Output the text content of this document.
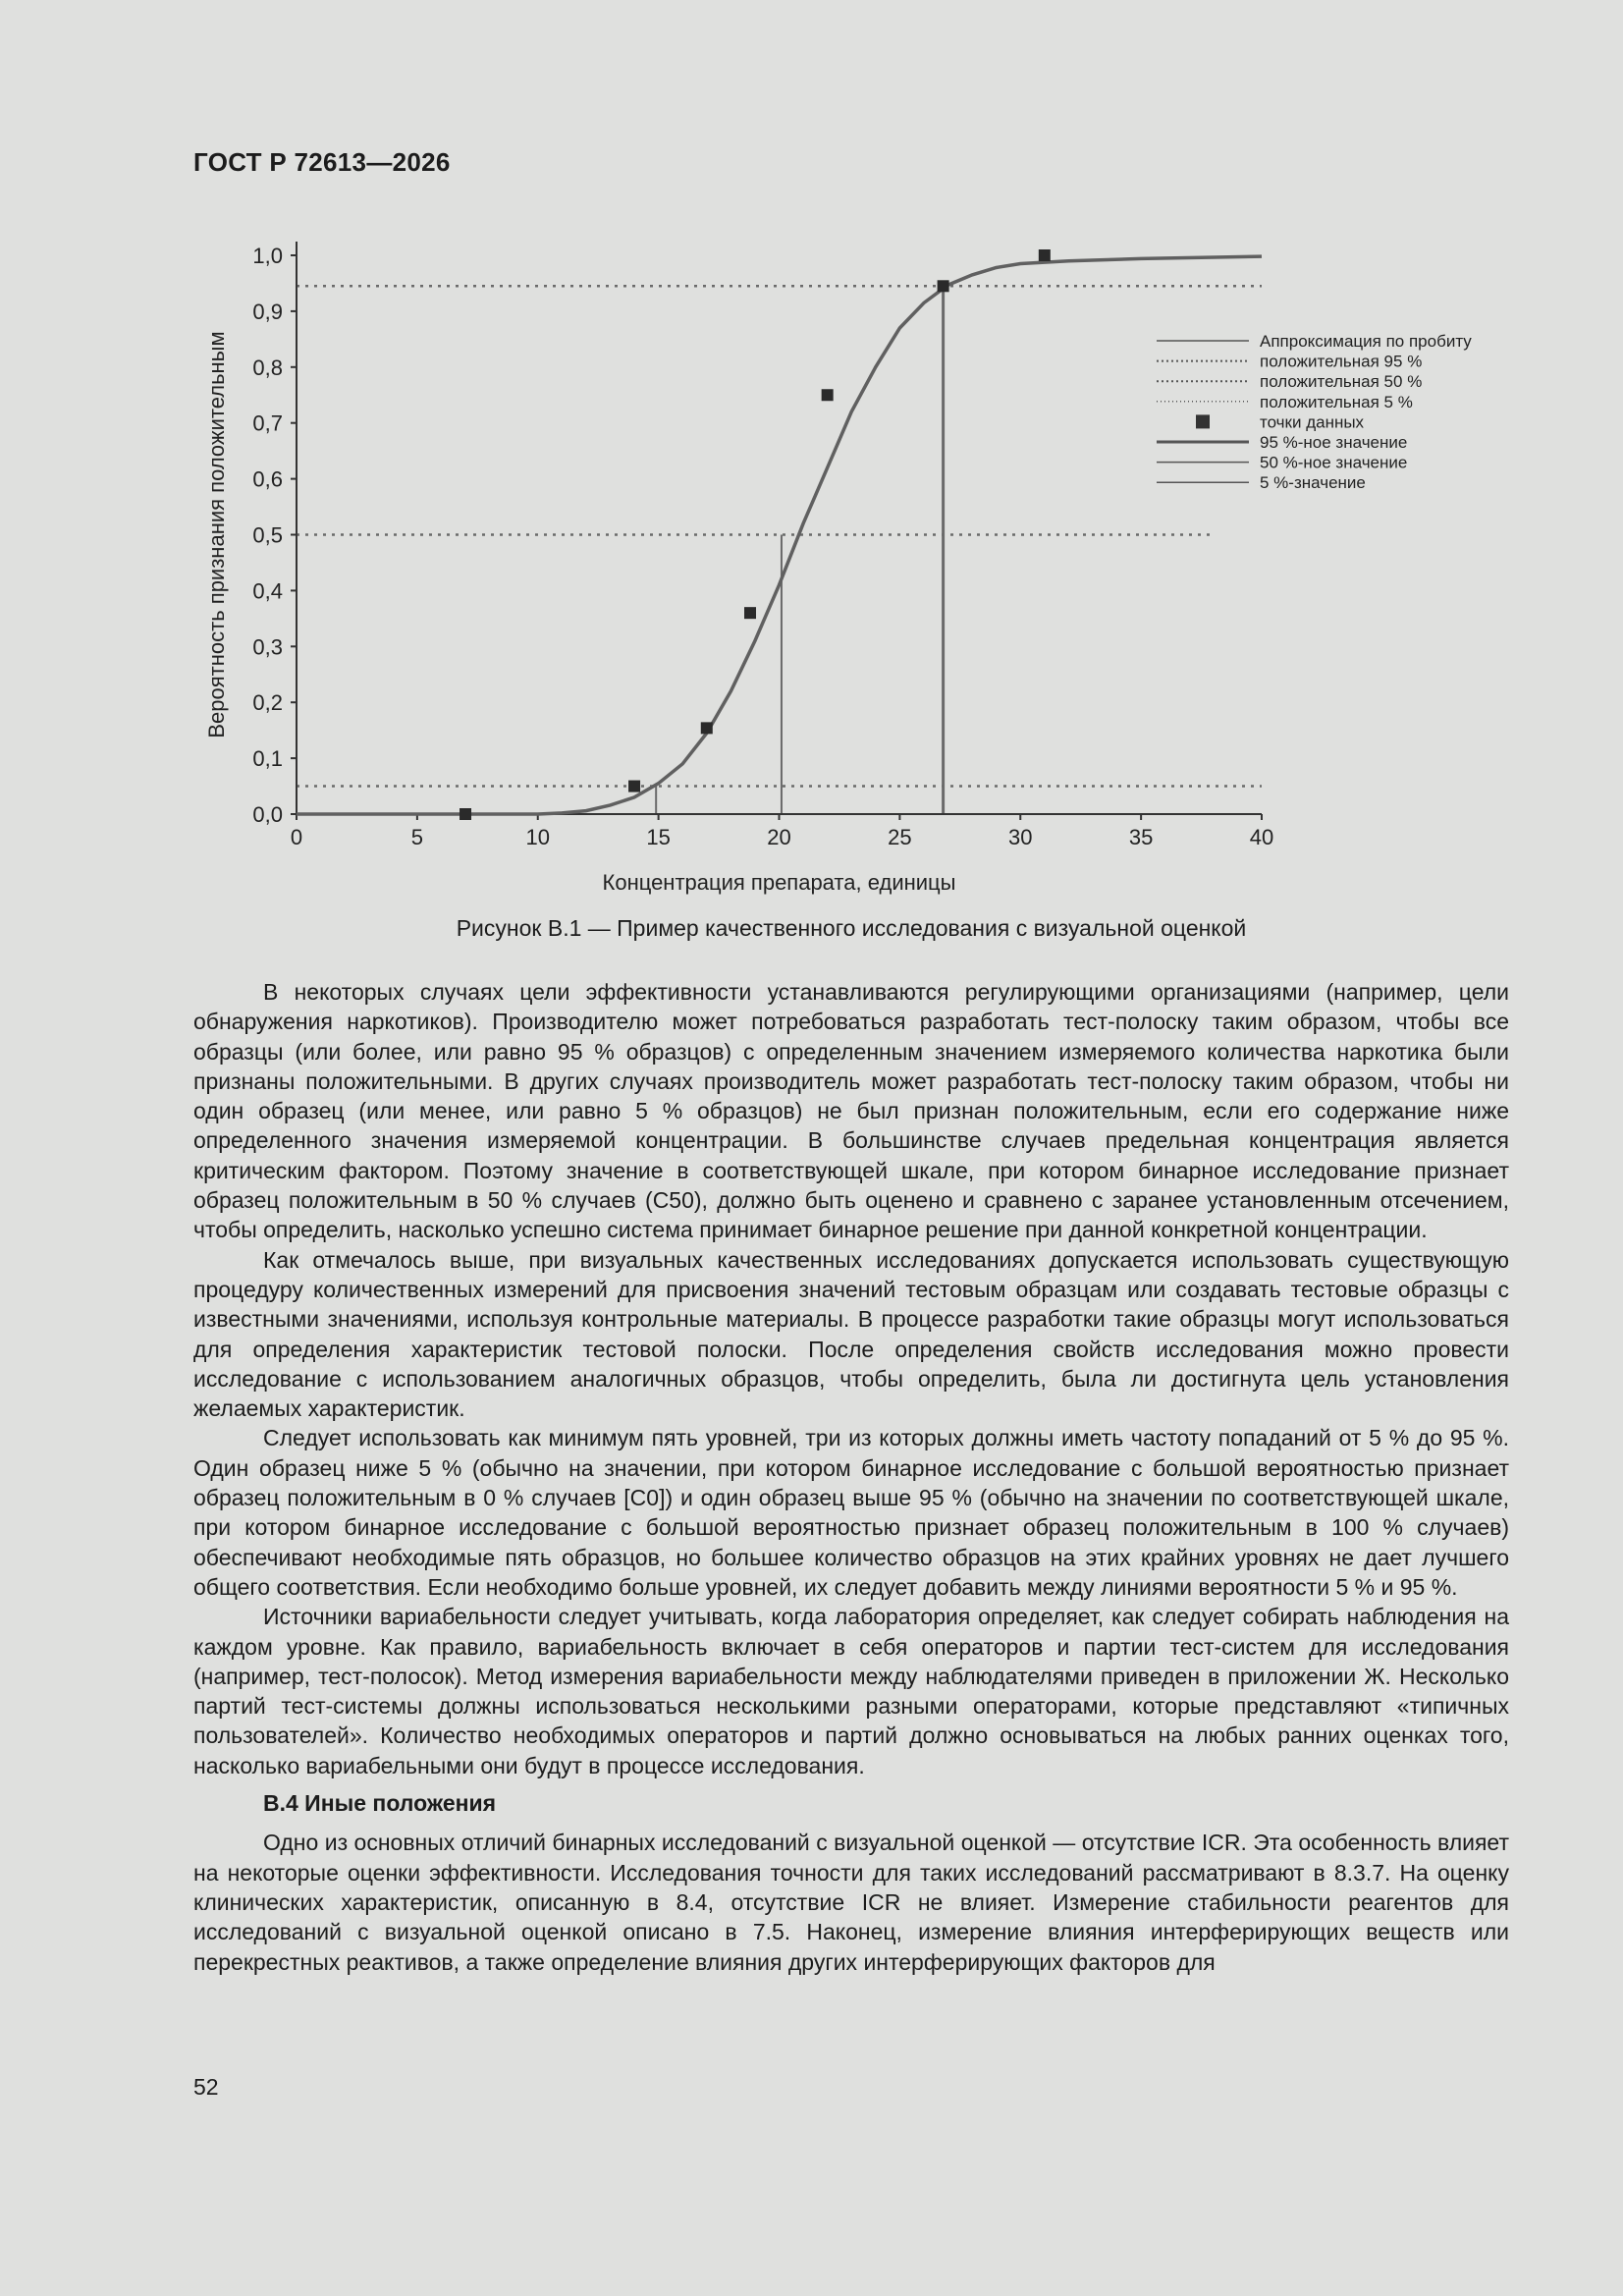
ГОСТ Р 72613—2026
0,0
0,1
0,2
0,3
0,4
0,5
0,6
0,7
0,8
0,9
1,0
0	5	10	15	20	25	30	35	40
Концентрация препарата, единицы
Вероятность признания положительным	Аппроксимация по пробиту
положительная 95 %
положительная 50 %
положительная 5 %
точки данных
95 %-ное значение
50 %-ное значение
5 %-значение
Рисунок В.1 — Пример качественного исследования с визуальной оценкой

В некоторых случаях цели эффективности устанавливаются регулирующими организациями (например, цели обнаружения наркотиков). Производителю может потребоваться разработать тест-полоску таким образом, чтобы все образцы (или более, или равно 95 % образцов) с определенным значением измеряемого количества наркотика были признаны положительными. В других случаях производитель может разработать тест-полоску таким образом, чтобы ни один образец (или менее, или равно 5 % образцов) не был признан положительным, если его содержание ниже определенного значения измеряемой концентрации. В большинстве случаев предельная концентрация является критическим фактором. Поэтому значение в соответствующей шкале, при котором бинарное исследование признает образец положительным в 50 % случаев (С50), должно быть оценено и сравнено с заранее установленным отсечением, чтобы определить, насколько успешно система принимает бинарное решение при данной конкретной концентрации.

Как отмечалось выше, при визуальных качественных исследованиях допускается использовать существующую процедуру количественных измерений для присвоения значений тестовым образцам или создавать тестовые образцы с известными значениями, используя контрольные материалы. В процессе разработки такие образцы могут использоваться для определения характеристик тестовой полоски. После определения свойств исследования можно провести исследование с использованием аналогичных образцов, чтобы определить, была ли достигнута цель установления желаемых характеристик.

Следует использовать как минимум пять уровней, три из которых должны иметь частоту попаданий от 5 % до 95 %. Один образец ниже 5 % (обычно на значении, при котором бинарное исследование с большой вероятностью признает образец положительным в 0 % случаев [С0]) и один образец выше 95 % (обычно на значении по соответствующей шкале, при котором бинарное исследование с большой вероятностью признает образец положительным в 100 % случаев) обеспечивают необходимые пять образцов, но большее количество образцов на этих крайних уровнях не дает лучшего общего соответствия. Если необходимо больше уровней, их следует добавить между линиями вероятности 5 % и 95 %.

Источники вариабельности следует учитывать, когда лаборатория определяет, как следует собирать наблюдения на каждом уровне. Как правило, вариабельность включает в себя операторов и партии тест-систем для исследования (например, тест-полосок). Метод измерения вариабельности между наблюдателями приведен в приложении Ж. Несколько партий тест-системы должны использоваться несколькими разными операторами, которые представляют «типичных пользователей». Количество необходимых операторов и партий должно основываться на любых ранних оценках того, насколько вариабельными они будут в процессе исследования.

В.4 Иные положения

Одно из основных отличий бинарных исследований с визуальной оценкой — отсутствие ICR. Эта особенность влияет на некоторые оценки эффективности. Исследования точности для таких исследований рассматривают в 8.3.7. На оценку клинических характеристик, описанную в 8.4, отсутствие ICR не влияет. Измерение стабильности реагентов для исследований с визуальной оценкой описано в 7.5. Наконец, измерение влияния интерферирующих веществ или перекрестных реактивов, а также определение влияния других интерферирующих факторов для

52
